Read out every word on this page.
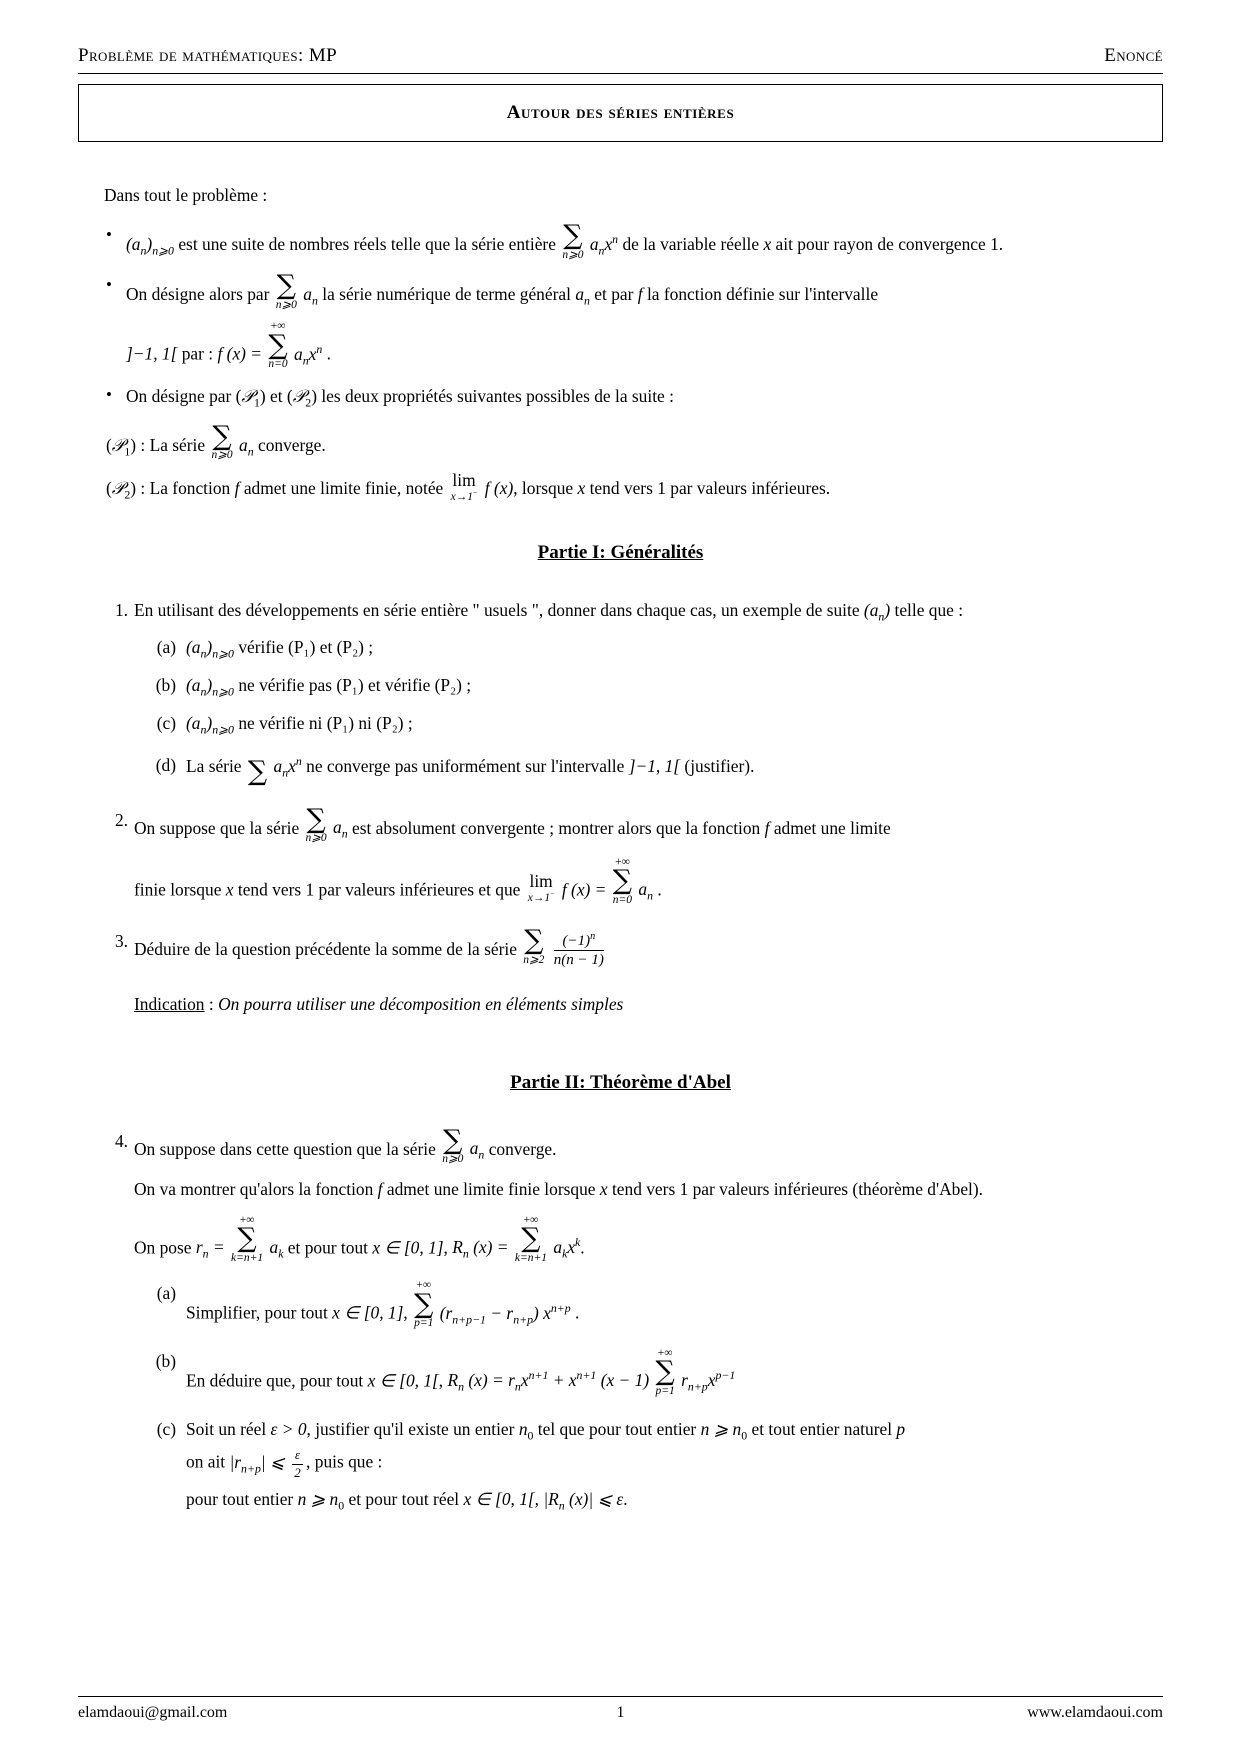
Problème de mathématiques: MP	Enoncé
Autour des séries entières
Dans tout le problème :
• $(a_n)_{n⩾0}$ est une suite de nombres réels telle que la série entière ∑
n⩾0
$a_nx^n$ de la variable réelle x ait pour rayon de convergence 1.
• On désigne alors par ∑
n⩾0
$a_n$ la série numérique de terme général $a_n$ et par f la fonction définie sur l'intervalle
]−1, 1[ par : f (x) =
+∞
∑
n=0
$a_nx^n$ .
• On désigne par (𝒫$_1$) et (𝒫$_2$) les deux propriétés suivantes possibles de la suite :
(𝒫$_1$) : La série ∑
n⩾0
$a_n$ converge.
(𝒫$_2$) : La fonction f admet une limite finie, notée lim
x→1− f (x), lorsque x tend vers 1 par valeurs inférieures.
Partie I: Généralités
En utilisant des développements en série entière " usuels ", donner dans chaque cas, un exemple de suite $(a_n)$ telle que :
(a) $(a_n)_{n⩾0}$ vérifie (P₁) et (P₂) ;
(b) $(a_n)_{n⩾0}$ ne vérifie pas (P₁) et vérifie (P₂) ;
(c) $(a_n)_{n⩾0}$ ne vérifie ni (P₁) ni (P₂) ;
(d) La série ∑ $a_nx^n$ ne converge pas uniformément sur l'intervalle ]−1, 1[ (justifier).
On suppose que la série ∑
n⩾0
$a_n$ est absolument convergente ; montrer alors que la fonction f admet une limite
finie lorsque x tend vers 1 par valeurs inférieures et que lim
x→1− f (x) =
+∞
∑
n=0
$a_n$ .
Déduire de la question précédente la somme de la série ∑
n⩾2
$\frac{(-1)^n}{n(n - 1)}$
Indication : On pourra utiliser une décomposition en éléments simples
Partie II: Théorème d'Abel
On suppose dans cette question que la série ∑
n⩾0
$a_n$ converge.
On va montrer qu'alors la fonction f admet une limite finie lorsque x tend vers 1 par valeurs inférieures (théorème d'Abel).
On pose $r_n$ =
+∞
∑
k=n+1
$a_k$ et pour tout x ∈ [0, 1], $R_n$ (x) =
+∞
∑
k=n+1
$a_kx^k$.
(a)
Simplifier, pour tout x ∈ [0, 1],
+∞
∑
p=1
$(r_{n+p-1} - r_{n+p})$ $x^{n+p}$ .
(b)
En déduire que, pour tout x ∈ [0, 1[, $R_n$ $(x) = r_nx^{n+1} + x^{n+1}$ (x − 1)
+∞
∑
p=1
$r_{n+p}x^{p-1}$
(c) Soit un réel ε > 0, justifier qu'il existe un entier $n_0$ tel que pour tout entier n ⩾ $n_0$ et tout entier naturel p
on ait $|r_{n+p}|$ ⩽ $\frac{\varepsilon}{2}$ , puis que :
pour tout entier n ⩾ $n_0$ et pour tout réel x ∈ [0, 1[, $|R_n$ (x)| ⩽ ε.
elamdaoui@gmail.com	1	www.elamdaoui.com
